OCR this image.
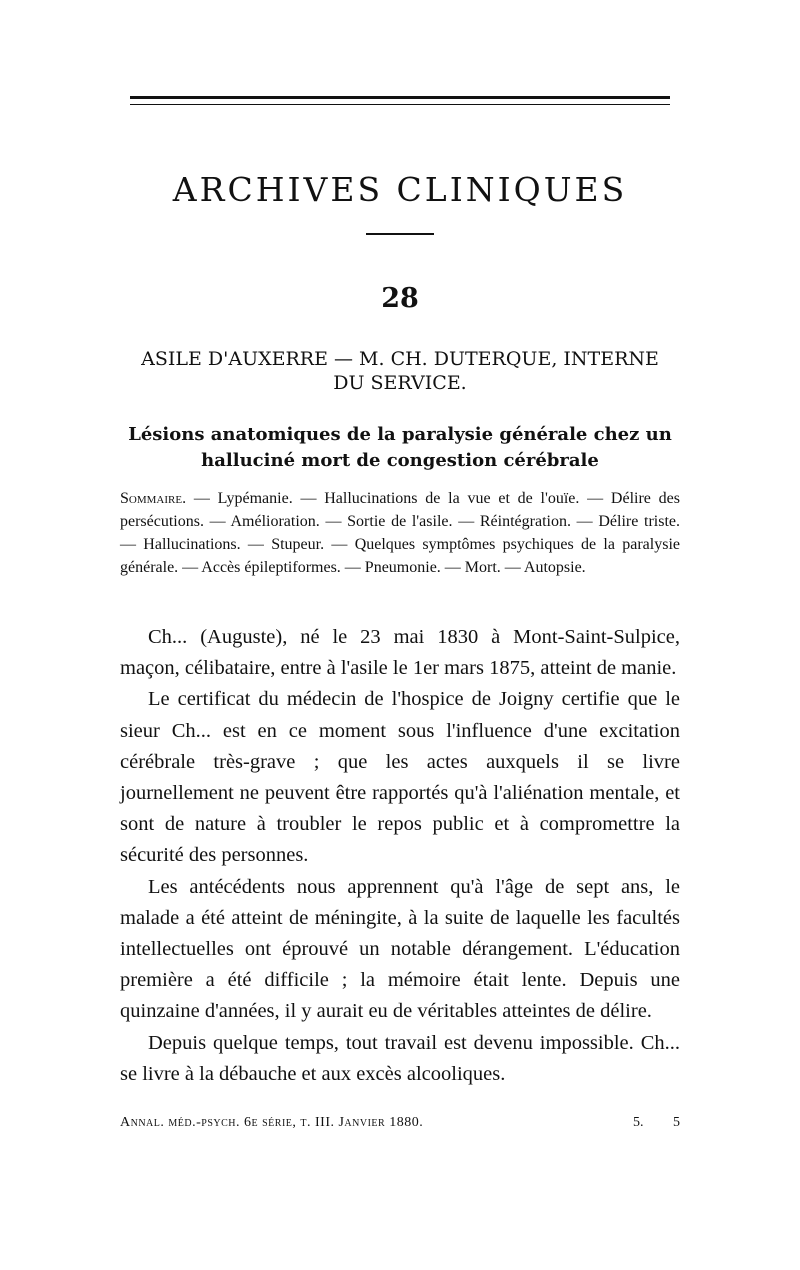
ARCHIVES CLINIQUES
28
ASILE D'AUXERRE — M. CH. DUTERQUE, INTERNE DU SERVICE.
Lésions anatomiques de la paralysie générale chez un halluciné mort de congestion cérébrale
Sommaire. — Lypémanie. — Hallucinations de la vue et de l'ouïe. — Délire des persécutions. — Amélioration. — Sortie de l'asile. — Réintégration. — Délire triste. — Hallucinations. — Stupeur. — Quelques symptômes psychiques de la paralysie générale. — Accès épileptiformes. — Pneumonie. — Mort. — Autopsie.

Ch... (Auguste), né le 23 mai 1830 à Mont-Saint-Sulpice, maçon, célibataire, entre à l'asile le 1er mars 1875, atteint de manie.

Le certificat du médecin de l'hospice de Joigny certifie que le sieur Ch... est en ce moment sous l'influence d'une excitation cérébrale très-grave ; que les actes auxquels il se livre journellement ne peuvent être rapportés qu'à l'aliénation mentale, et sont de nature à troubler le repos public et à compromettre la sécurité des personnes.

Les antécédents nous apprennent qu'à l'âge de sept ans, le malade a été atteint de méningite, à la suite de laquelle les facultés intellectuelles ont éprouvé un notable dérangement. L'éducation première a été difficile ; la mémoire était lente. Depuis une quinzaine d'années, il y aurait eu de véritables atteintes de délire.

Depuis quelque temps, tout travail est devenu impossible. Ch... se livre à la débauche et aux excès alcooliques.

Annal. méd.-psych. 6e série, t. III. Janvier 1880.	5. 5
